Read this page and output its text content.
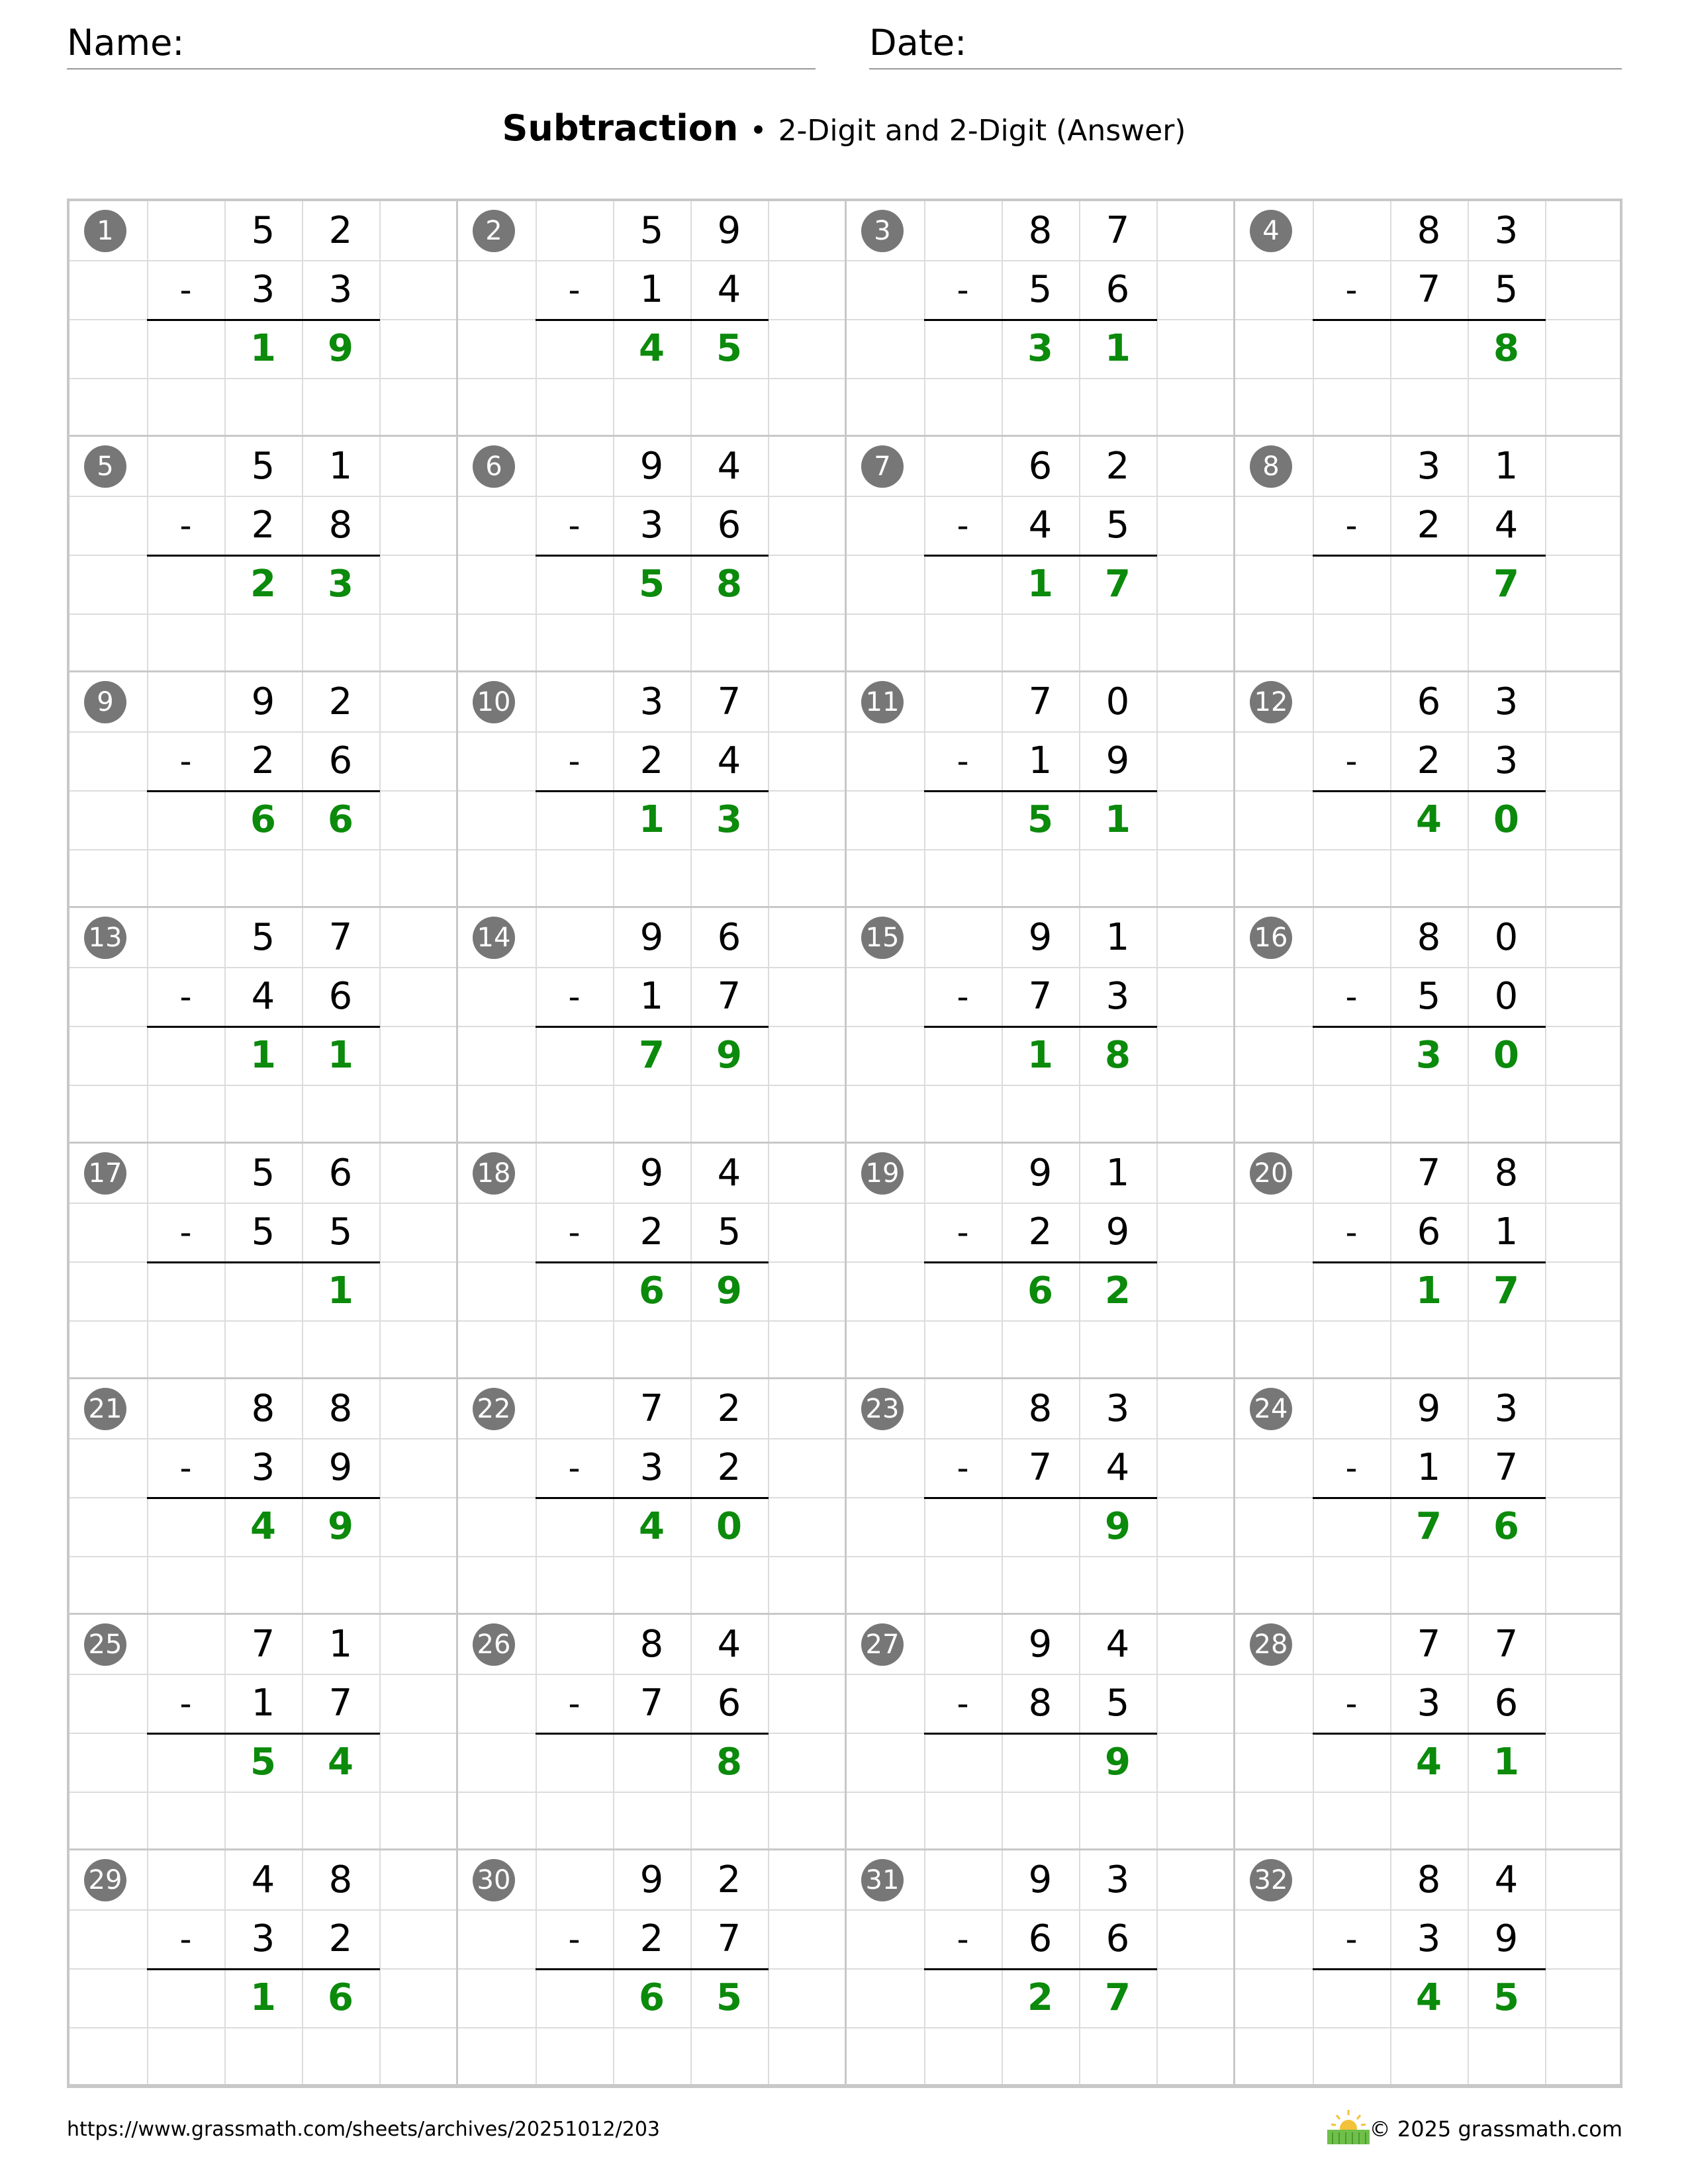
Name:	Date:
Subtraction • 2-Digit and 2-Digit (Answer)
1	5	2
-	3	3
1	9
2	5	9
-	1	4
4	5
3	8	7
-	5	6
3	1
4	8	3
-	7	5
8
5	5	1
-	2	8
2	3
6	9	4
-	3	6
5	8
7	6	2
-	4	5
1	7
8	3	1
-	2	4
7
9	9	2
-	2	6
6	6
10	3	7
-	2	4
1	3
11	7	0
-	1	9
5	1
12	6	3
-	2	3
4	0
13	5	7
-	4	6
1	1
14	9	6
-	1	7
7	9
15	9	1
-	7	3
1	8
16	8	0
-	5	0
3	0
17	5	6
-	5	5
1
18	9	4
-	2	5
6	9
19	9	1
-	2	9
6	2
20	7	8
-	6	1
1	7
21	8	8
-	3	9
4	9
22	7	2
-	3	2
4	0
23	8	3
-	7	4
9
24	9	3
-	1	7
7	6
25	7	1
-	1	7
5	4
26	8	4
-	7	6
8
27	9	4
-	8	5
9
28	7	7
-	3	6
4	1
29	4	8
-	3	2
1	6
30	9	2
-	2	7
6	5
31	9	3
-	6	6
2	7
32	8	4
-	3	9
4	5
https://www.grassmath.com/sheets/archives/20251012/203	© 2025 grassmath.com
